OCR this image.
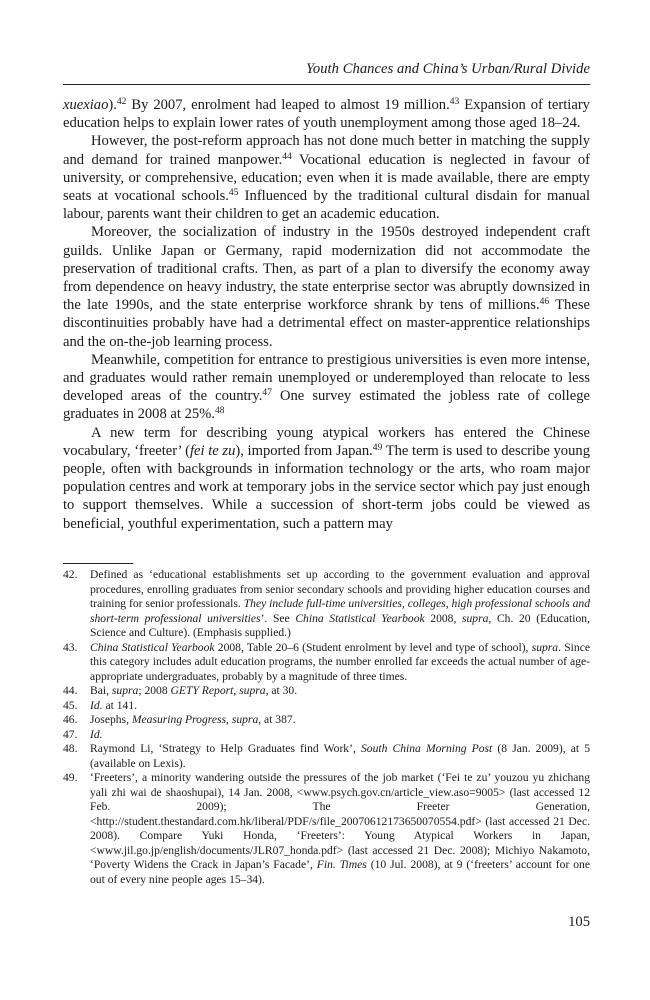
Youth Chances and China’s Urban/Rural Divide

xuexiao).$^{42}$ By 2007, enrolment had leaped to almost 19 million.$^{43}$ Expansion of tertiary education helps to explain lower rates of youth unemployment among those aged 18–24.

However, the post-reform approach has not done much better in matching the supply and demand for trained manpower.$^{44}$ Vocational education is neglected in favour of university, or comprehensive, education; even when it is made available, there are empty seats at vocational schools.$^{45}$ Influenced by the traditional cultural disdain for manual labour, parents want their children to get an academic education.

Moreover, the socialization of industry in the 1950s destroyed independent craft guilds. Unlike Japan or Germany, rapid modernization did not accommodate the preservation of traditional crafts. Then, as part of a plan to diversify the economy away from dependence on heavy industry, the state enterprise sector was abruptly downsized in the late 1990s, and the state enterprise workforce shrank by tens of millions.$^{46}$ These discontinuities probably have had a detrimental effect on master-apprentice relationships and the on-the-job learning process.

Meanwhile, competition for entrance to prestigious universities is even more intense, and graduates would rather remain unemployed or underemployed than relocate to less developed areas of the country.$^{47}$ One survey estimated the jobless rate of college graduates in 2008 at 25%.$^{48}$

A new term for describing young atypical workers has entered the Chinese vocabulary, ‘freeter’ (fei te zu), imported from Japan.$^{49}$ The term is used to describe young people, often with backgrounds in information technology or the arts, who roam major population centres and work at temporary jobs in the service sector which pay just enough to support themselves. While a succession of short-term jobs could be viewed as beneficial, youthful experimentation, such a pattern may

42.	Defined as ‘educational establishments set up according to the government evaluation and approval procedures, enrolling graduates from senior secondary schools and providing higher education courses and training for senior professionals. They include full-time universities, colleges, high professional schools and short-term professional universities’. See China Statistical Yearbook 2008, supra, Ch. 20 (Education, Science and Culture). (Emphasis supplied.)
43.	China Statistical Yearbook 2008, Table 20–6 (Student enrolment by level and type of school), supra. Since this category includes adult education programs, the number enrolled far exceeds the actual number of age-appropriate undergraduates, probably by a magnitude of three times.
44.	Bai, supra; 2008 GETY Report, supra, at 30.
45.	Id. at 141.
46.	Josephs, Measuring Progress, supra, at 387.
47.	Id.
48.	Raymond Li, ‘Strategy to Help Graduates find Work’, South China Morning Post (8 Jan. 2009), at 5 (available on Lexis).
49.	‘Freeters’, a minority wandering outside the pressures of the job market (‘Fei te zu’ youzou yu zhichang yali zhi wai de shaoshupai), 14 Jan. 2008, <www.psych.gov.cn/article_view.aso=9005> (last accessed 12 Feb. 2009); The Freeter Generation, <http://student.thestandard.com.hk/liberal/PDF/s/file_20070612173650070554.pdf> (last accessed 21 Dec. 2008). Compare Yuki Honda, ‘Freeters’: Young Atypical Workers in Japan, <www.jil.go.jp/english/documents/JLR07_honda.pdf> (last accessed 21 Dec. 2008); Michiyo Nakamoto, ‘Poverty Widens the Crack in Japan’s Facade’, Fin. Times (10 Jul. 2008), at 9 (‘freeters’ account for one out of every nine people ages 15–34).
105
